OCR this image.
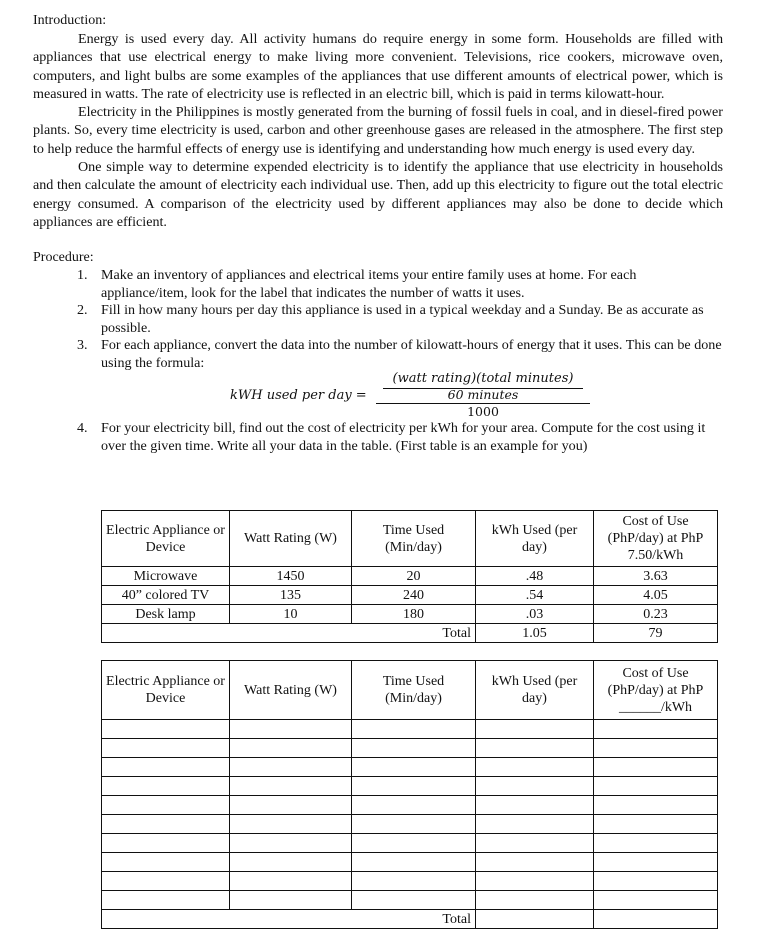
Introduction:

Energy is used every day. All activity humans do require energy in some form. Households are filled with appliances that use electrical energy to make living more convenient. Televisions, rice cookers, microwave oven, computers, and light bulbs are some examples of the appliances that use different amounts of electrical power, which is measured in watts. The rate of electricity use is reflected in an electric bill, which is paid in terms kilowatt-hour.

Electricity in the Philippines is mostly generated from the burning of fossil fuels in coal, and in diesel-fired power plants. So, every time electricity is used, carbon and other greenhouse gases are released in the atmosphere. The first step to help reduce the harmful effects of energy use is identifying and understanding how much energy is used every day.

One simple way to determine expended electricity is to identify the appliance that use electricity in households and then calculate the amount of electricity each individual use. Then, add up this electricity to figure out the total electric energy consumed. A comparison of the electricity used by different appliances may also be done to decide which appliances are efficient.

Procedure:

1. Make an inventory of appliances and electrical items your entire family uses at home. For each appliance/item, look for the label that indicates the number of watts it uses.
2. Fill in how many hours per day this appliance is used in a typical weekday and a Sunday. Be as accurate as possible.
3. For each appliance, convert the data into the number of kilowatt-hours of energy that it uses. This can be done using the formula:
kWH used per day =
(watt rating)(total minutes)
60 minutes
1000
4. For your electricity bill, find out the cost of electricity per kWh for your area. Compute for the cost using it over the given time. Write all your data in the table. (First table is an example for you)
Electric Appliance or Device	Watt Rating (W)	Time Used (Min/day)	kWh Used (per day)	Cost of Use (PhP/day) at PhP 7.50/kWh
Microwave	1450	20	.48	3.63
40” colored TV	135	240	.54	4.05
Desk lamp	10	180	.03	0.23
Total			1.05	79
Electric Appliance or Device	Watt Rating (W)	Time Used (Min/day)	kWh Used (per day)	Cost of Use (PhP/day) at PhP ______/kWh

Total				
